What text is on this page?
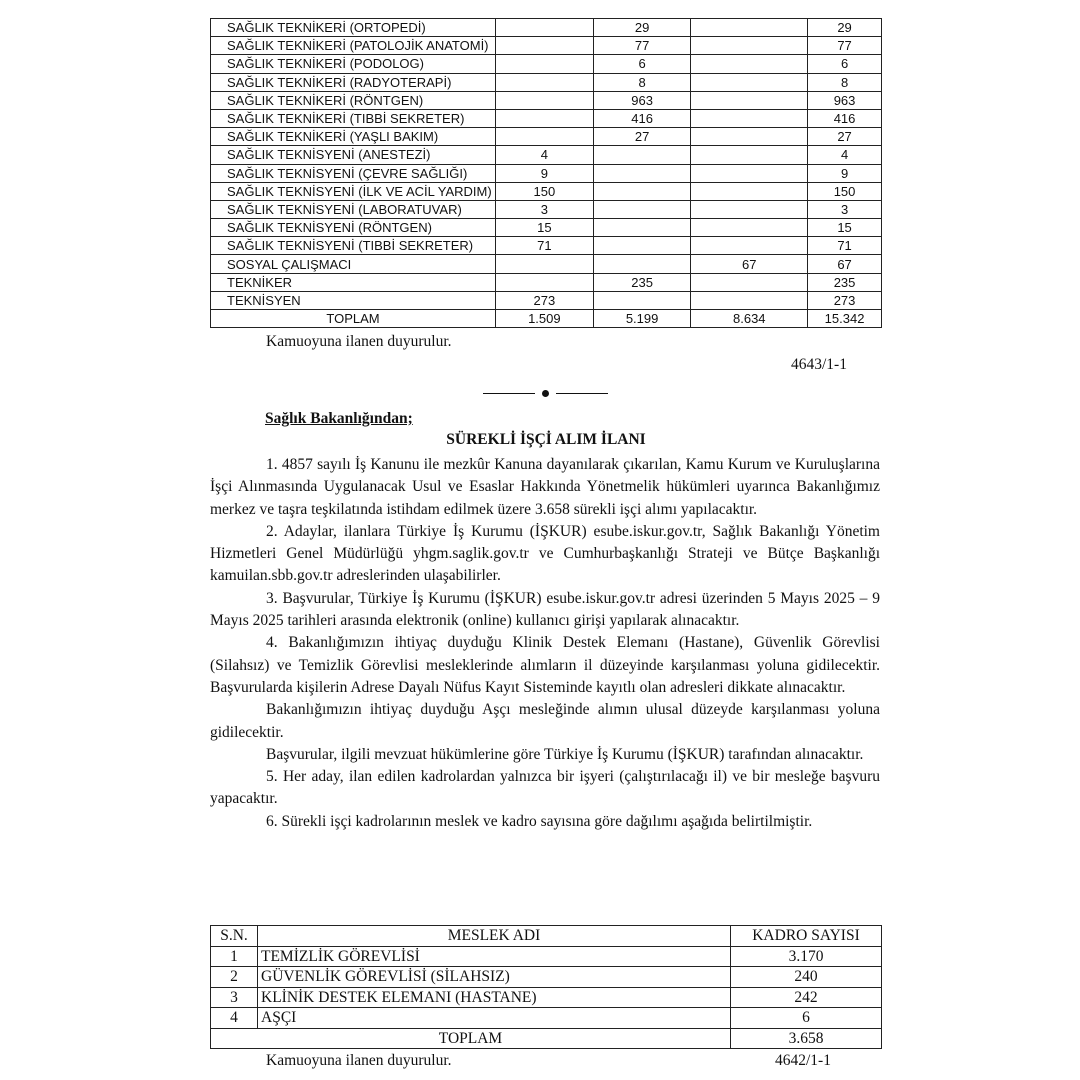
SAĞLIK TEKNİKERİ (ORTOPEDİ)		29		29
SAĞLIK TEKNİKERİ (PATOLOJİK ANATOMİ)		77		77
SAĞLIK TEKNİKERİ (PODOLOG)		6		6
SAĞLIK TEKNİKERİ (RADYOTERAPİ)		8		8
SAĞLIK TEKNİKERİ (RÖNTGEN)		963		963
SAĞLIK TEKNİKERİ (TIBBİ SEKRETER)		416		416
SAĞLIK TEKNİKERİ (YAŞLI BAKIM)		27		27
SAĞLIK TEKNİSYENİ (ANESTEZİ)	4			4
SAĞLIK TEKNİSYENİ (ÇEVRE SAĞLIĞI)	9			9
SAĞLIK TEKNİSYENİ (İLK VE ACİL YARDIM)	150			150
SAĞLIK TEKNİSYENİ (LABORATUVAR)	3			3
SAĞLIK TEKNİSYENİ (RÖNTGEN)	15			15
SAĞLIK TEKNİSYENİ (TIBBİ SEKRETER)	71			71
SOSYAL ÇALIŞMACI			67	67
TEKNİKER		235		235
TEKNİSYEN	273			273
TOPLAM	1.509	5.199	8.634	15.342
Kamuoyuna ilanen duyurulur.
4643/1-1
Sağlık Bakanlığından;
SÜREKLİ İŞÇİ ALIM İLANI

1. 4857 sayılı İş Kanunu ile mezkûr Kanuna dayanılarak çıkarılan, Kamu Kurum ve Kuruluşlarına İşçi Alınmasında Uygulanacak Usul ve Esaslar Hakkında Yönetmelik hükümleri uyarınca Bakanlığımız merkez ve taşra teşkilatında istihdam edilmek üzere 3.658 sürekli işçi alımı yapılacaktır.

2. Adaylar, ilanlara Türkiye İş Kurumu (İŞKUR) esube.iskur.gov.tr, Sağlık Bakanlığı Yönetim Hizmetleri Genel Müdürlüğü yhgm.saglik.gov.tr ve Cumhurbaşkanlığı Strateji ve Bütçe Başkanlığı kamuilan.sbb.gov.tr adreslerinden ulaşabilirler.

3. Başvurular, Türkiye İş Kurumu (İŞKUR) esube.iskur.gov.tr adresi üzerinden 5 Mayıs 2025 – 9 Mayıs 2025 tarihleri arasında elektronik (online) kullanıcı girişi yapılarak alınacaktır.

4. Bakanlığımızın ihtiyaç duyduğu Klinik Destek Elemanı (Hastane), Güvenlik Görevlisi (Silahsız) ve Temizlik Görevlisi mesleklerinde alımların il düzeyinde karşılanması yoluna gidilecektir. Başvurularda kişilerin Adrese Dayalı Nüfus Kayıt Sisteminde kayıtlı olan adresleri dikkate alınacaktır.

Bakanlığımızın ihtiyaç duyduğu Aşçı mesleğinde alımın ulusal düzeyde karşılanması yoluna gidilecektir.

Başvurular, ilgili mevzuat hükümlerine göre Türkiye İş Kurumu (İŞKUR) tarafından alınacaktır.

5. Her aday, ilan edilen kadrolardan yalnızca bir işyeri (çalıştırılacağı il) ve bir mesleğe başvuru yapacaktır.

6. Sürekli işçi kadrolarının meslek ve kadro sayısına göre dağılımı aşağıda belirtilmiştir.

S.N.	MESLEK ADI	KADRO SAYISI
1	TEMİZLİK GÖREVLİSİ	3.170
2	GÜVENLİK GÖREVLİSİ (SİLAHSIZ)	240
3	KLİNİK DESTEK ELEMANI (HASTANE)	242
4	AŞÇI	6
TOPLAM		3.658
Kamuoyuna ilanen duyurulur.	4642/1-1
